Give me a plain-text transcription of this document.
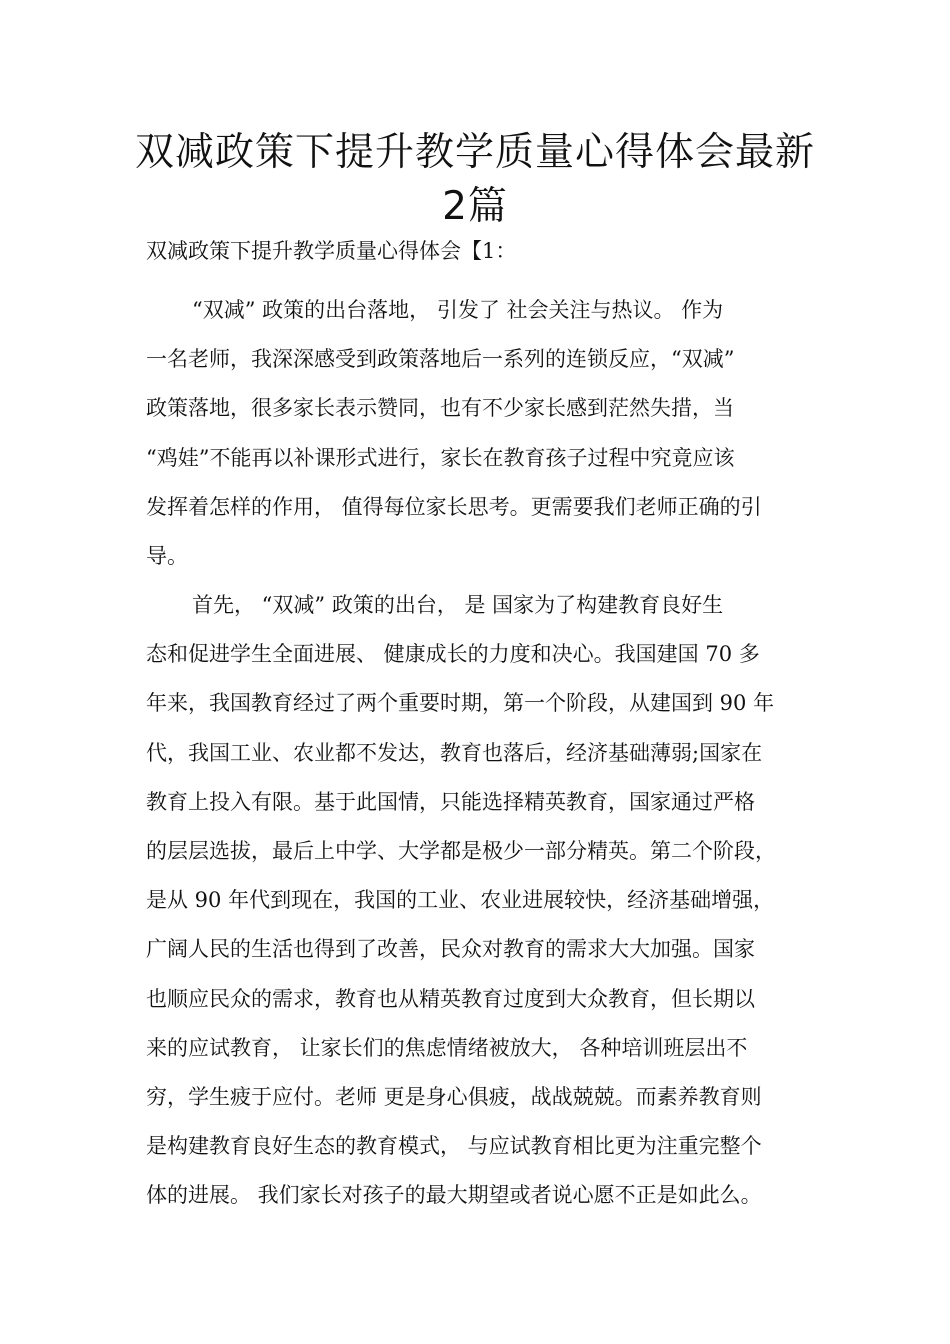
双减政策下提升教学质量心得体会最新
2篇
双减政策下提升教学质量心得体会【1：
“双减” 政策的出台落地， 引发了 社会关注与热议。 作为
一名老师，我深深感受到政策落地后一系列的连锁反应，“双减”
政策落地，很多家长表示赞同，也有不少家长感到茫然失措，当
“鸡娃”不能再以补课形式进行，家长在教育孩子过程中究竟应该
发挥着怎样的作用， 值得每位家长思考。更需要我们老师正确的引
导。
首先， “双减” 政策的出台， 是 国家为了构建教育良好生
态和促进学生全面进展、 健康成长的力度和决心。我国建国 70 多
年来，我国教育经过了两个重要时期，第一个阶段，从建国到 90 年
代，我国工业、农业都不发达，教育也落后，经济基础薄弱;国家在
教育上投入有限。基于此国情，只能选择精英教育，国家通过严格
的层层选拔，最后上中学、大学都是极少一部分精英。第二个阶段，
是从 90 年代到现在，我国的工业、农业进展较快，经济基础增强，
广阔人民的生活也得到了改善，民众对教育的需求大大加强。国家
也顺应民众的需求，教育也从精英教育过度到大众教育，但长期以
来的应试教育， 让家长们的焦虑情绪被放大， 各种培训班层出不
穷，学生疲于应付。老师 更是身心俱疲，战战兢兢。而素养教育则
是构建教育良好生态的教育模式， 与应试教育相比更为注重完整个
体的进展。 我们家长对孩子的最大期望或者说心愿不正是如此么。
